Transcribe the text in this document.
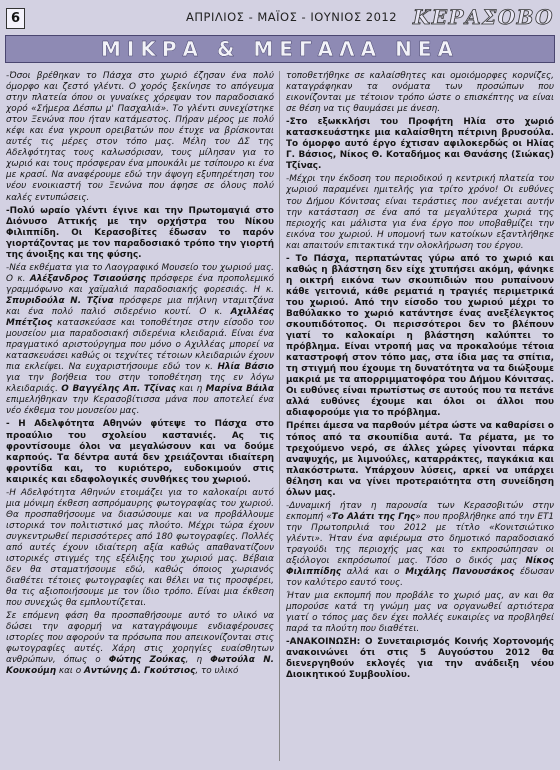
6	ΑΠΡΙΛΙΟΣ - ΜΑΪΟΣ - ΙΟΥΝΙΟΣ 2012 ΚΕΡΑΣΟΒΟ
ΜΙΚΡΑ & ΜΕΓΑΛΑ ΝΕΑ

-Όσοι βρέθηκαν το Πάσχα στο χωριό έζησαν ένα πολύ όμορφο και ζεστό γλέντι. Ο χορός ξεκίνησε το απόγευμα στην πλατεία όπου οι γυναίκες χόρεψαν τον παραδοσιακό χορό «Σήμερα Δέσπω μ' Πασχαλιά». Το γλέντι συνεχίστηκε στον Ξενώνα που ήταν κατάμεστος. Πήραν μέρος με πολύ κέφι και ένα γκρουπ ορειβατών που έτυχε να βρίσκονται αυτές τις μέρες στον τόπο μας. Μέλη του ΔΣ της Αδελφότητας τους καλωσόρισαν, τους μίλησαν για το χωριό και τους πρόσφεραν ένα μπουκάλι με τσίπουρο κι ένα με κρασί. Να αναφέρουμε εδώ την άψογη εξυπηρέτηση του νέου ενοικιαστή του Ξενώνα που άφησε σε όλους πολύ καλές εντυπώσεις.

-Πολύ ωραίο γλέντι έγινε και την Πρωτομαγιά στο Διόνυσο Αττικής με την ορχήστρα του Νίκου Φιλιππίδη. Οι Κερασοβίτες έδωσαν το παρόν γιορτάζοντας με τον παραδοσιακό τρόπο την γιορτή της άνοιξης και της φύσης.

-Νέα εκθέματα για το Λαογραφικό Μουσείο του χωριού μας. Ο κ. Αλέξανδρος Τσιαούσης πρόσφερε ένα προπολεμικό γραμμόφωνο και χαϊμαλιά παραδοσιακής φορεσιάς. Η κ. Σπυριδούλα Ν. Τζίνα πρόσφερε μια πήλινη νταμιτζάνα και ένα πολύ παλιό σιδερένιο κουτί. Ο κ. Αχιλλέας Μπέτζιος κατασκεύασε και τοποθέτησε στην είσοδο του μουσείου μια παραδοσιακή σιδερένια κλειδαριά. Είναι ένα πραγματικό αριστούργημα που μόνο ο Αχιλλέας μπορεί να κατασκευάσει καθώς οι τεχνίτες τέτοιων κλειδαριών έχουν πια εκλείψει. Να ευχαριστήσουμε εδώ τον κ. Ηλία Βάσιο για την βοήθεια του στην τοποθέτηση της εν λόγω κλειδαριάς. Ο Βαγγέλης Απ. Τζίνας και η Μαρίνα Βάιλα επιμελήθηκαν την Κερασοβίτισσα μάνα που αποτελεί ένα νέο έκθεμα του μουσείου μας.

- Η Αδελφότητα Αθηνών φύτεψε το Πάσχα στο προαύλιο του σχολείου καστανιές. Ας τις φροντίσουμε όλοι να μεγαλώσουν και να δούμε καρπούς. Τα δέντρα αυτά δεν χρειάζονται ιδιαίτερη φροντίδα και, το κυριότερο, ευδοκιμούν στις καιρικές και εδαφολογικές συνθήκες του χωριού.

-Η Αδελφότητα Αθηνών ετοιμάζει για το καλοκαίρι αυτό μια μόνιμη έκθεση ασπρόμαυρης φωτογραφίας του χωριού. Θα προσπαθήσουμε να διασώσουμε και να προβάλλουμε ιστορικά τον πολιτιστικό μας πλούτο. Μέχρι τώρα έχουν συγκεντρωθεί περισσότερες από 180 φωτογραφίες. Πολλές από αυτές έχουν ιδιαίτερη αξία καθώς απαθανατίζουν ιστορικές στιγμές της εξέλιξης του χωριού μας. Βέβαια δεν θα σταματήσουμε εδώ, καθώς όποιος χωριανός διαθέτει τέτοιες φωτογραφίες και θέλει να τις προσφέρει, θα τις αξιοποιήσουμε με τον ίδιο τρόπο. Είναι μια έκθεση που συνεχώς θα εμπλουτίζεται.

Σε επόμενη φάση θα προσπαθήσουμε αυτό το υλικό να δώσει την αφορμή να καταγράψουμε ενδιαφέρουσες ιστορίες που αφορούν τα πρόσωπα που απεικονίζονται στις φωτογραφίες αυτές. Χάρη στις χορηγίες ευαίσθητων ανθρώπων, όπως ο Φώτης Ζούκας, η Φωτούλα Ν. Κουκούμη και ο Αντώνης Δ. Γκούτσιος, το υλικό

τοποθετήθηκε σε καλαίσθητες και ομοιόμορφες κορνίζες, καταγράφηκαν τα ονόματα των προσώπων που εικονίζονται με τέτοιον τρόπο ώστε ο επισκέπτης να είναι σε θέση να τις θαυμάσει με άνεση.

-Στο εξωκκλήσι του Προφήτη Ηλία στο χωριό κατασκευάστηκε μια καλαίσθητη πέτρινη βρυσούλα. Το όμορφο αυτό έργο έχτισαν αφιλοκερδώς οι Ηλίας Γ. Βάσιος, Νίκος Θ. Κοταδήμος και Θανάσης (Σιώκας) Τζίνας.

-Μέχρι την έκδοση του περιοδικού η κεντρική πλατεία του χωριού παραμένει ημιτελής για τρίτο χρόνο! Οι ευθύνες του Δήμου Κόνιτσας είναι τεράστιες που ανέχεται αυτήν την κατάσταση σε ένα από τα μεγαλύτερα χωριά της περιοχής και μάλιστα για ένα έργο που υποβαθμίζει την εικόνα του χωριού. Η υπομονή των κατοίκων εξαντλήθηκε και απαιτούν επιτακτικά την ολοκλήρωση του έργου.

- Το Πάσχα, περπατώντας γύρω από το χωριό και καθώς η βλάστηση δεν είχε χτυπήσει ακόμη, φάνηκε η οικτρή εικόνα των σκουπιδιών που ρυπαίνουν κάθε γειτονιά, κάθε ρεματιά η τραγιές περιμετρικά του χωριού. Από την είσοδο του χωριού μέχρι το Βαθύλακκο το χωριό κατάντησε ένας ανεξέλεγκτος σκουπιδότοπος. Οι περισσότεροι δεν το βλέπουν γιατί το καλοκαίρι η βλάστηση καλύπτει το πρόβλημα. Είναι ντροπή μας να προκαλούμε τέτοια καταστροφή στον τόπο μας, στα ίδια μας τα σπίτια, τη στιγμή που έχουμε τη δυνατότητα να τα διώξουμε μακριά με τα απορριμματοφόρα του Δήμου Κόνιτσας. Οι ευθύνες είναι πρωτίστως σε αυτούς που τα πετάνε αλλά ευθύνες έχουμε και όλοι οι άλλοι που αδιαφορούμε για το πρόβλημα.

Πρέπει άμεσα να παρθούν μέτρα ώστε να καθαρίσει ο τόπος από τα σκουπίδια αυτά. Τα ρέματα, με το τρεχούμενο νερό, σε άλλες χώρες γίνονται πάρκα αναψυχής, με λιμνούλες, καταρράκτες, παγκάκια και πλακόστρωτα. Υπάρχουν λύσεις, αρκεί να υπάρχει θέληση και να γίνει προτεραιότητα στη συνείδηση όλων μας.

-Δυναμική ήταν η παρουσία των Κερασοβιτών στην εκπομπή «Το Αλάτι της Γης» που προβλήθηκε από την ΕΤ1 την Πρωτοπριλιά του 2012 με τίτλο «Κονιτσιώτικο γλέντι». Ήταν ένα αφιέρωμα στο δημοτικό παραδοσιακό τραγούδι της περιοχής μας και το εκπροσώπησαν οι αξιόλογοι εκπρόσωποί μας. Τόσο ο δικός μας Νίκος Φιλιππίδης αλλά και ο Μιχάλης Πανουσάκος έδωσαν τον καλύτερο εαυτό τους.

Ήταν μια εκπομπή που προβάλε το χωριό μας, αν και θα μπορούσε κατά τη γνώμη μας να οργανωθεί αρτιότερα γιατί ο τόπος μας δεν έχει πολλές ευκαιρίες να προβληθεί παρά τα πλούτη που διαθέτει.

-ΑΝΑΚΟΙΝΩΣΗ: Ο Συνεταιρισμός Κοινής Χορτονομής ανακοινώνει ότι στις 5 Αυγούστου 2012 θα διενεργηθούν εκλογές για την ανάδειξη νέου Διοικητικού Συμβουλίου.
